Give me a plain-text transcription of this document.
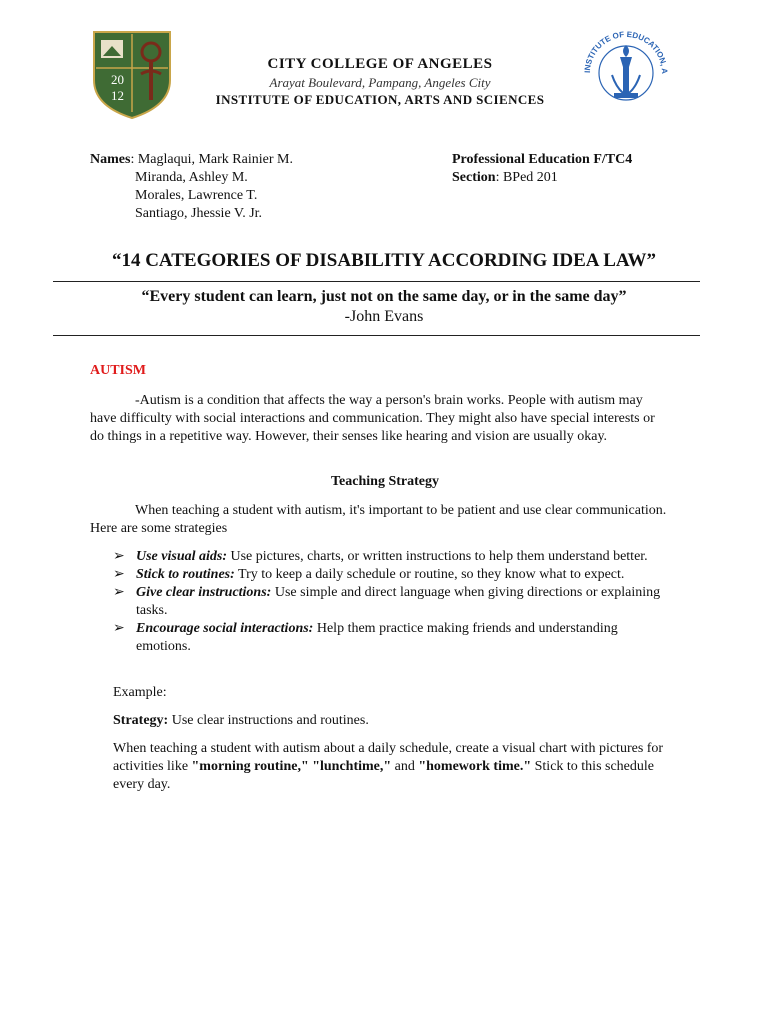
20
12
CITY COLLEGE OF ANGELES
Arayat Boulevard, Pampang, Angeles City
INSTITUTE OF EDUCATION, ARTS AND SCIENCES
INSTITUTE OF EDUCATION, A
Names: Maglaqui, Mark Rainier M.
Miranda, Ashley M.
Morales, Lawrence T.
Santiago, Jhessie V. Jr.
Professional Education F/TC4
Section: BPed 201
“14 CATEGORIES OF DISABILITIY ACCORDING IDEA LAW”
“Every student can learn, just not on the same day, or in the same day”
-John Evans
AUTISM

-Autism is a condition that affects the way a person's brain works. People with autism may have difficulty with social interactions and communication. They might also have special interests or do things in a repetitive way. However, their senses like hearing and vision are usually okay.

Teaching Strategy

When teaching a student with autism, it's important to be patient and use clear communication. Here are some strategies

➢ Use visual aids: Use pictures, charts, or written instructions to help them understand better.
➢ Stick to routines: Try to keep a daily schedule or routine, so they know what to expect.
➢ Give clear instructions: Use simple and direct language when giving directions or explaining tasks.
➢ Encourage social interactions: Help them practice making friends and understanding emotions.
Example:
Strategy: Use clear instructions and routines.

When teaching a student with autism about a daily schedule, create a visual chart with pictures for activities like "morning routine," "lunchtime," and "homework time." Stick to this schedule every day.
